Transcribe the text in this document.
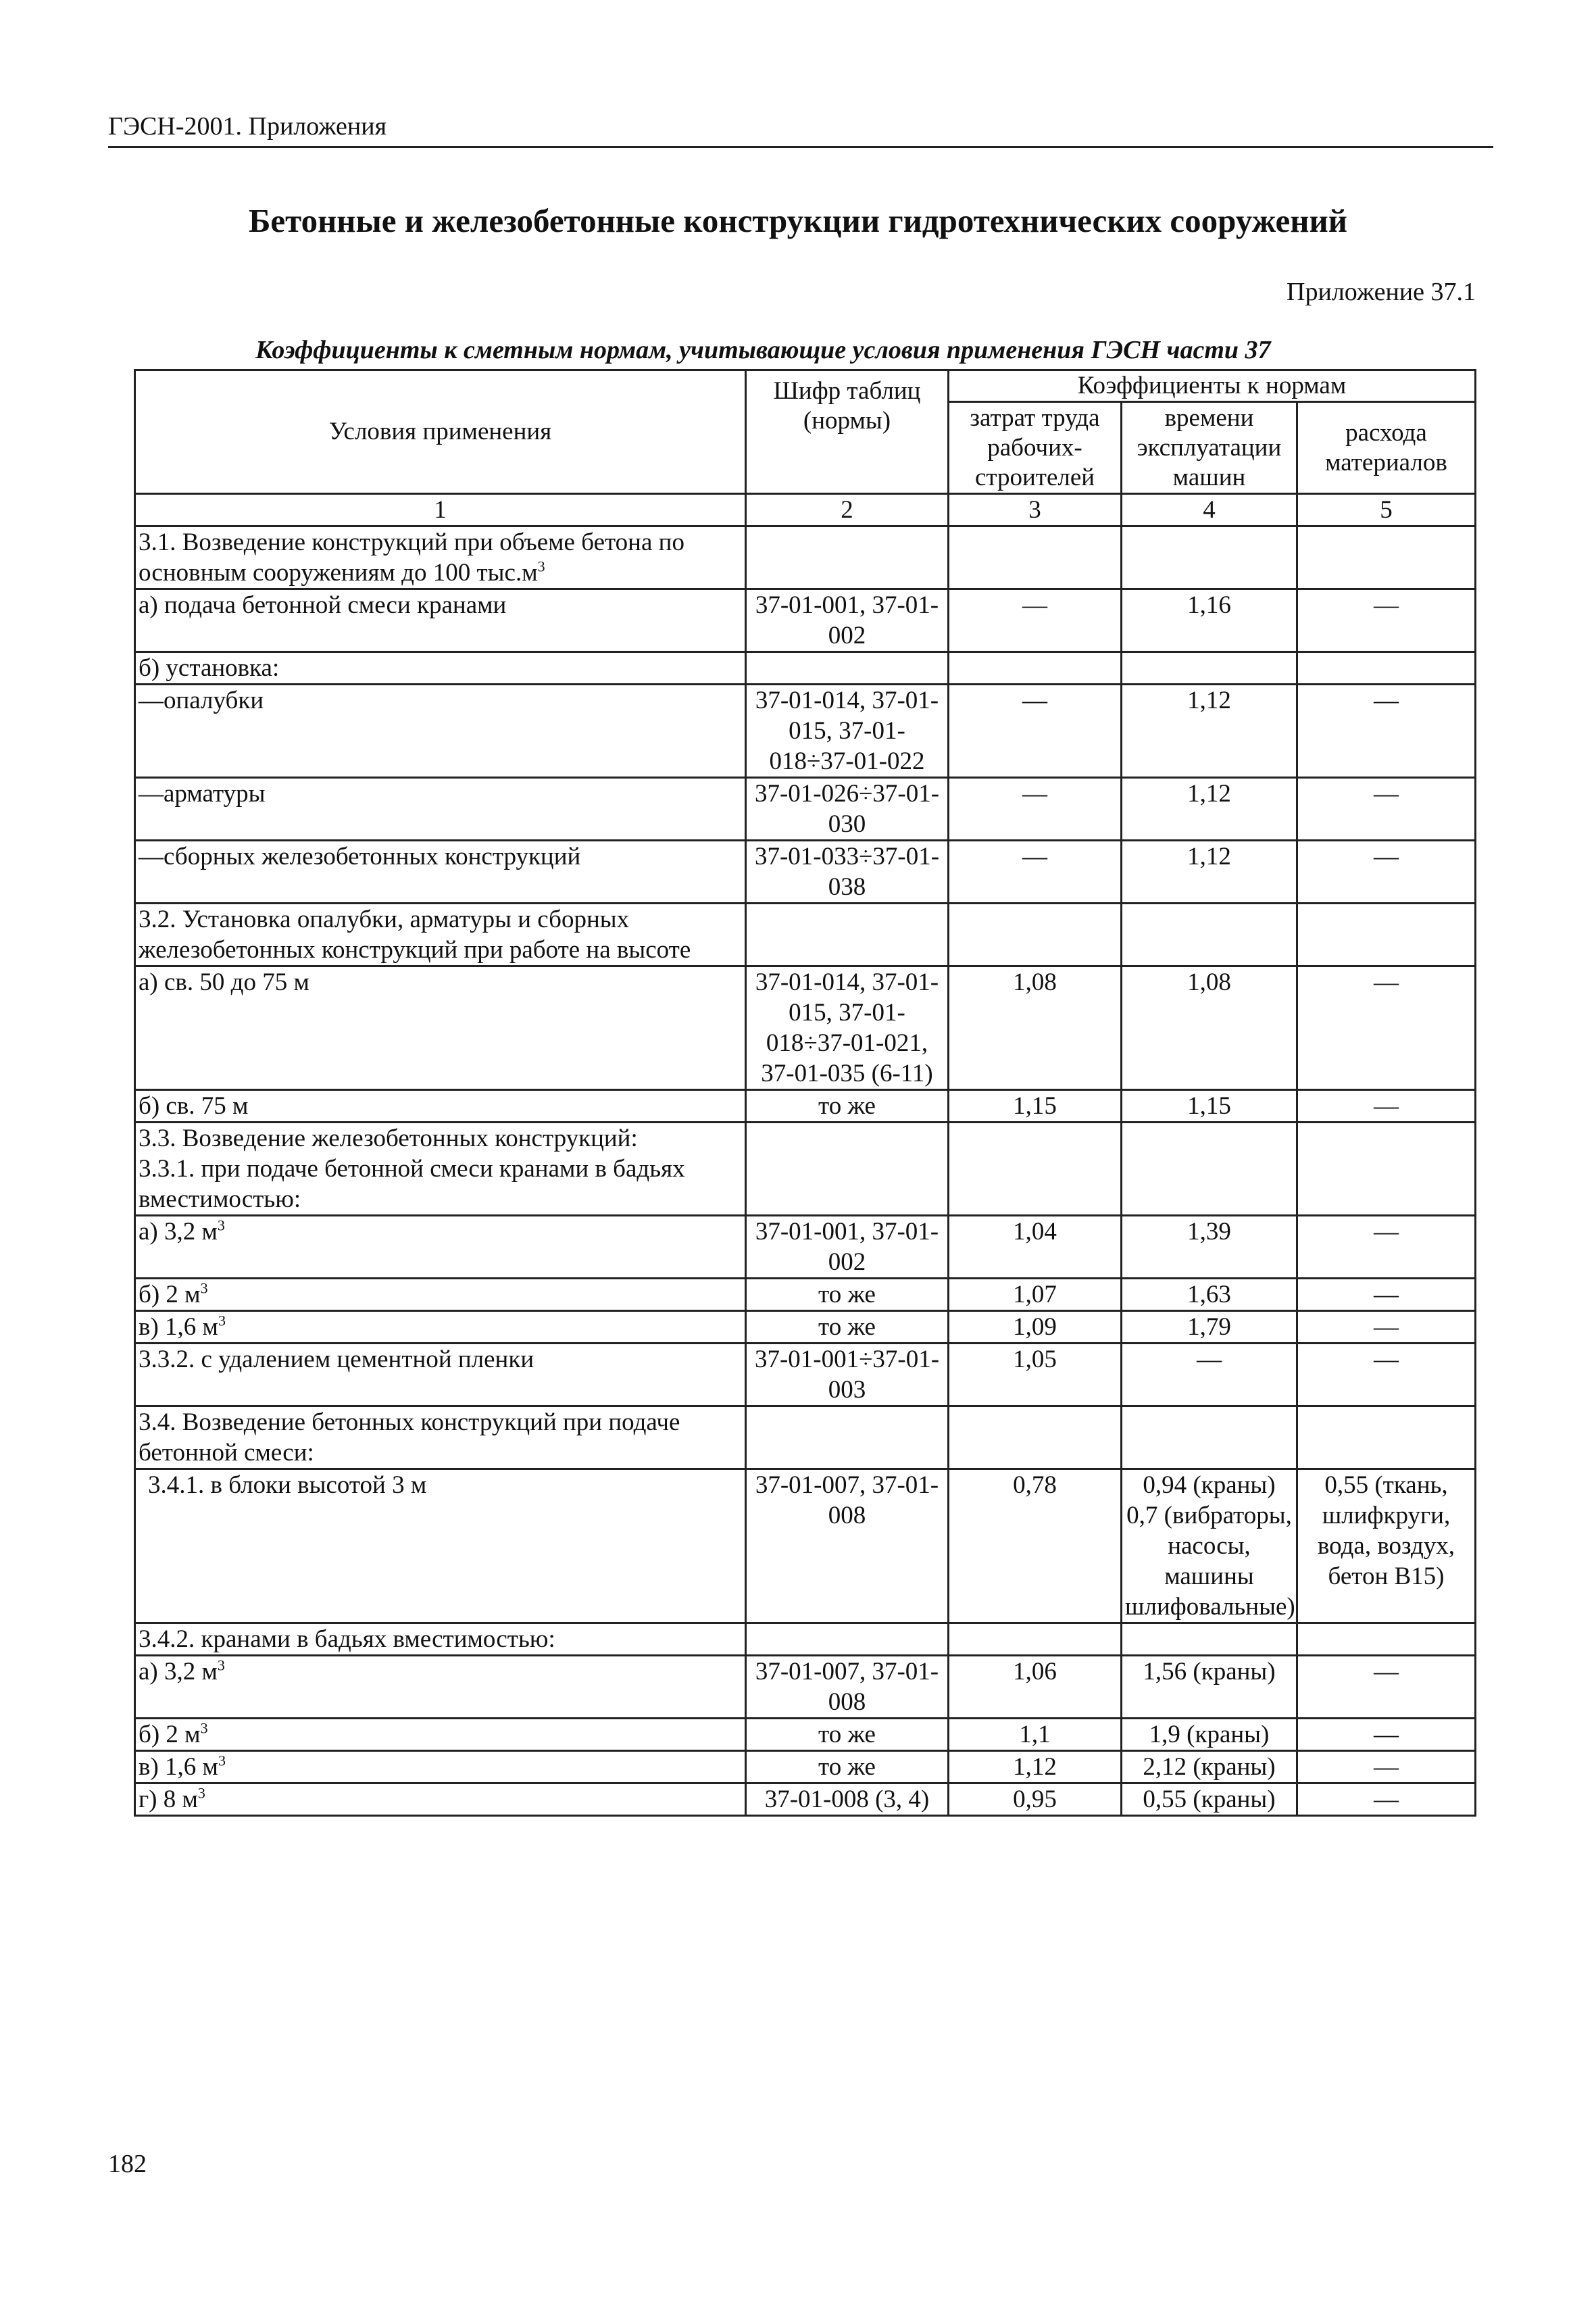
ГЭСН-2001. Приложения
Бетонные и железобетонные конструкции гидротехнических сооружений
Приложение 37.1
Коэффициенты к сметным нормам, учитывающие условия применения ГЭСН части 37
Условия применения	Шифр таблиц (нормы)	Коэффициенты к нормам		
		затрат труда рабочих-строителей	времени эксплуатации машин	расхода материалов
1	2	3	4	5
3.1. Возведение конструкций при объеме бетона по основным сооружениям до 100 $тыс.м^3$				
а) подача бетонной смеси кранами	37-01-001, 37-01-002	—	1,16	—
б) установка:				
—опалубки	37-01-014, 37-01-015, 37-01-018÷37-01-022	—	1,12	—
—арматуры	37-01-026÷37-01-030	—	1,12	—
—сборных железобетонных конструкций	37-01-033÷37-01-038	—	1,12	—
3.2. Установка опалубки, арматуры и сборных железобетонных конструкций при работе на высоте				
а) св. 50 до 75 м	37-01-014, 37-01-015, 37-01-018÷37-01-021, 37-01-035 (6-11)	1,08	1,08	—
б) св. 75 м	то же	1,15	1,15	—

3.3. Возведение железобетонных конструкций:
3.3.1. при подаче бетонной смеси кранами в бадьях вместимостью:				
а) 3,2 $м^3$	37-01-001, 37-01-002	1,04	1,39	—
б) 2 $м^3$	то же	1,07	1,63	—
в) 1,6 $м^3$	то же	1,09	1,79	—
3.3.2. с удалением цементной пленки	37-01-001÷37-01-003	1,05	—	—
3.4. Возведение бетонных конструкций при подаче бетонной смеси:				
3.4.1. в блоки высотой 3 м	37-01-007, 37-01-008	0,78	0,94 (краны) 0,7 (вибраторы, насосы, машины шлифовальные)	0,55 (ткань, шлифкруги, вода, воздух, бетон В15)
3.4.2. кранами в бадьях вместимостью:				
а) 3,2 $м^3$	37-01-007, 37-01-008	1,06	1,56 (краны)	—
б) 2 $м^3$	то же	1,1	1,9 (краны)	—
в) 1,6 $м^3$	то же	1,12	2,12 (краны)	—
г) 8 $м^3$	37-01-008 (3, 4)	0,95	0,55 (краны)	—
182
